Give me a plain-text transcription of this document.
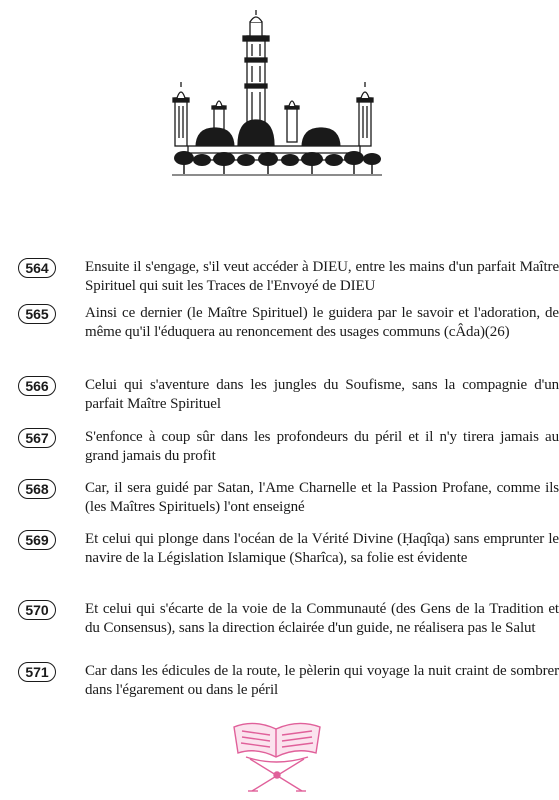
564	Ensuite il s'engage, s'il veut accéder à DIEU, entre les mains d'un parfait Maître Spirituel qui suit les Traces de l'Envoyé de DIEU
565	Ainsi ce dernier (le Maître Spirituel) le guidera par le savoir et l'adoration, de même qu'il l'éduquera au renoncement des usages communs (cÂda)(26)
566	Celui qui s'aventure dans les jungles du Soufisme, sans la compagnie d'un parfait Maître Spirituel
567	S'enfonce à coup sûr dans les profondeurs du péril et il n'y tirera jamais au grand jamais du profit
568	Car, il sera guidé par Satan, l'Ame Charnelle et la Passion Profane, comme ils (les Maîtres Spirituels) l'ont enseigné
569	Et celui qui plonge dans l'océan de la Vérité Divine (Ḥaqîqa) sans emprunter le navire de la Législation Islamique (Sharîca), sa folie est évidente
570	Et celui qui s'écarte de la voie de la Communauté (des Gens de la Tradition et du Consensus), sans la direction éclairée d'un guide, ne réalisera pas le Salut
571	Car dans les édicules de la route, le pèlerin qui voyage la nuit craint de sombrer dans l'égarement ou dans le péril
